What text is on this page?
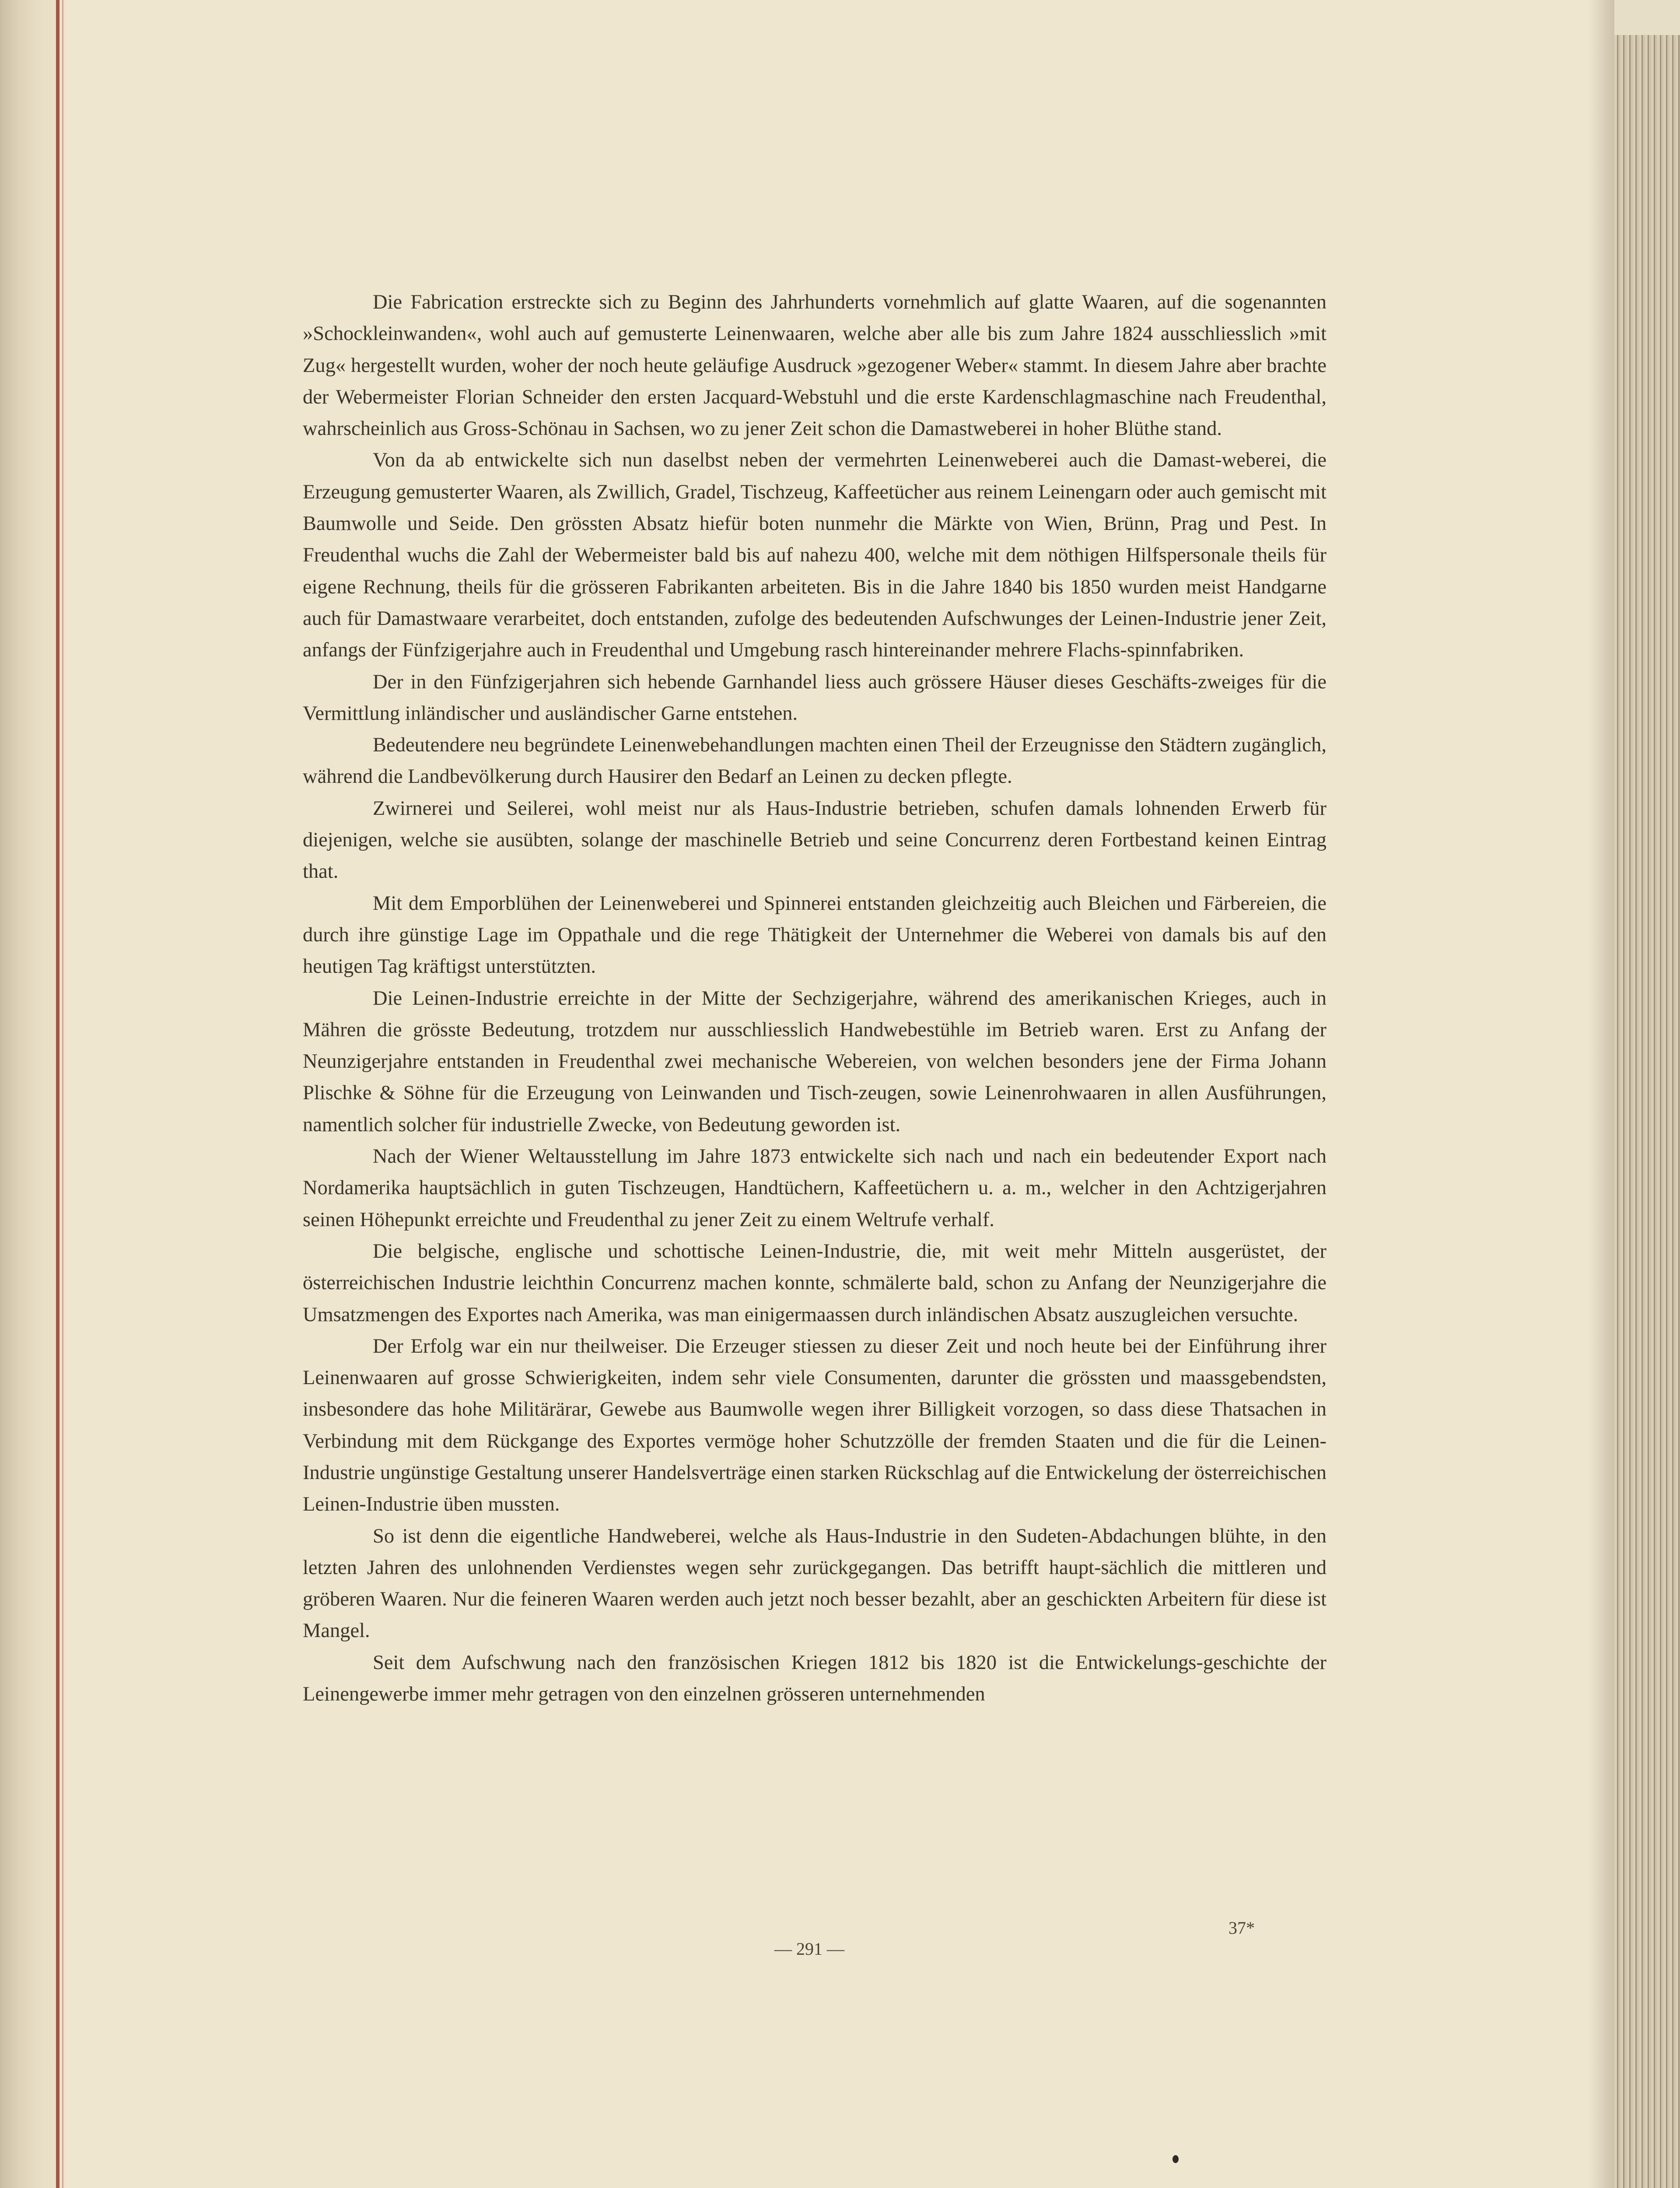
Die Fabrication erstreckte sich zu Beginn des Jahrhunderts vornehmlich auf glatte Waaren, auf die sogenannten »Schockleinwanden«, wohl auch auf gemusterte Leinenwaaren, welche aber alle bis zum Jahre 1824 ausschliesslich »mit Zug« hergestellt wurden, woher der noch heute geläufige Ausdruck »gezogener Weber« stammt. In diesem Jahre aber brachte der Webermeister Florian Schneider den ersten Jacquard-Webstuhl und die erste Kardenschlagmaschine nach Freudenthal, wahrscheinlich aus Gross-Schönau in Sachsen, wo zu jener Zeit schon die Damastweberei in hoher Blüthe stand.

Von da ab entwickelte sich nun daselbst neben der vermehrten Leinenweberei auch die Damast-weberei, die Erzeugung gemusterter Waaren, als Zwillich, Gradel, Tischzeug, Kaffeetücher aus reinem Leinengarn oder auch gemischt mit Baumwolle und Seide. Den grössten Absatz hiefür boten nunmehr die Märkte von Wien, Brünn, Prag und Pest. In Freudenthal wuchs die Zahl der Webermeister bald bis auf nahezu 400, welche mit dem nöthigen Hilfspersonale theils für eigene Rechnung, theils für die grösseren Fabrikanten arbeiteten. Bis in die Jahre 1840 bis 1850 wurden meist Handgarne auch für Damastwaare verarbeitet, doch entstanden, zufolge des bedeutenden Aufschwunges der Leinen-Industrie jener Zeit, anfangs der Fünfzigerjahre auch in Freudenthal und Umgebung rasch hintereinander mehrere Flachs-spinnfabriken.

Der in den Fünfzigerjahren sich hebende Garnhandel liess auch grössere Häuser dieses Geschäfts-zweiges für die Vermittlung inländischer und ausländischer Garne entstehen.

Bedeutendere neu begründete Leinenwebehandlungen machten einen Theil der Erzeugnisse den Städtern zugänglich, während die Landbevölkerung durch Hausirer den Bedarf an Leinen zu decken pflegte.

Zwirnerei und Seilerei, wohl meist nur als Haus-Industrie betrieben, schufen damals lohnenden Erwerb für diejenigen, welche sie ausübten, solange der maschinelle Betrieb und seine Concurrenz deren Fortbestand keinen Eintrag that.

Mit dem Emporblühen der Leinenweberei und Spinnerei entstanden gleichzeitig auch Bleichen und Färbereien, die durch ihre günstige Lage im Oppathale und die rege Thätigkeit der Unternehmer die Weberei von damals bis auf den heutigen Tag kräftigst unterstützten.

Die Leinen-Industrie erreichte in der Mitte der Sechzigerjahre, während des amerikanischen Krieges, auch in Mähren die grösste Bedeutung, trotzdem nur ausschliesslich Handwebestühle im Betrieb waren. Erst zu Anfang der Neunzigerjahre entstanden in Freudenthal zwei mechanische Webereien, von welchen besonders jene der Firma Johann Plischke & Söhne für die Erzeugung von Leinwanden und Tisch-zeugen, sowie Leinenrohwaaren in allen Ausführungen, namentlich solcher für industrielle Zwecke, von Bedeutung geworden ist.

Nach der Wiener Weltausstellung im Jahre 1873 entwickelte sich nach und nach ein bedeutender Export nach Nordamerika hauptsächlich in guten Tischzeugen, Handtüchern, Kaffeetüchern u. a. m., welcher in den Achtzigerjahren seinen Höhepunkt erreichte und Freudenthal zu jener Zeit zu einem Weltrufe verhalf.

Die belgische, englische und schottische Leinen-Industrie, die, mit weit mehr Mitteln ausgerüstet, der österreichischen Industrie leichthin Concurrenz machen konnte, schmälerte bald, schon zu Anfang der Neunzigerjahre die Umsatzmengen des Exportes nach Amerika, was man einigermaassen durch inländischen Absatz auszugleichen versuchte.

Der Erfolg war ein nur theilweiser. Die Erzeuger stiessen zu dieser Zeit und noch heute bei der Einführung ihrer Leinenwaaren auf grosse Schwierigkeiten, indem sehr viele Consumenten, darunter die grössten und maassgebendsten, insbesondere das hohe Militärärar, Gewebe aus Baumwolle wegen ihrer Billigkeit vorzogen, so dass diese Thatsachen in Verbindung mit dem Rückgange des Exportes vermöge hoher Schutzzölle der fremden Staaten und die für die Leinen-Industrie ungünstige Gestaltung unserer Handelsverträge einen starken Rückschlag auf die Entwickelung der österreichischen Leinen-Industrie üben mussten.

So ist denn die eigentliche Handweberei, welche als Haus-Industrie in den Sudeten-Abdachungen blühte, in den letzten Jahren des unlohnenden Verdienstes wegen sehr zurückgegangen. Das betrifft haupt-sächlich die mittleren und gröberen Waaren. Nur die feineren Waaren werden auch jetzt noch besser bezahlt, aber an geschickten Arbeitern für diese ist Mangel.

Seit dem Aufschwung nach den französischen Kriegen 1812 bis 1820 ist die Entwickelungs-geschichte der Leinengewerbe immer mehr getragen von den einzelnen grösseren unternehmenden

37*
— 291 —
